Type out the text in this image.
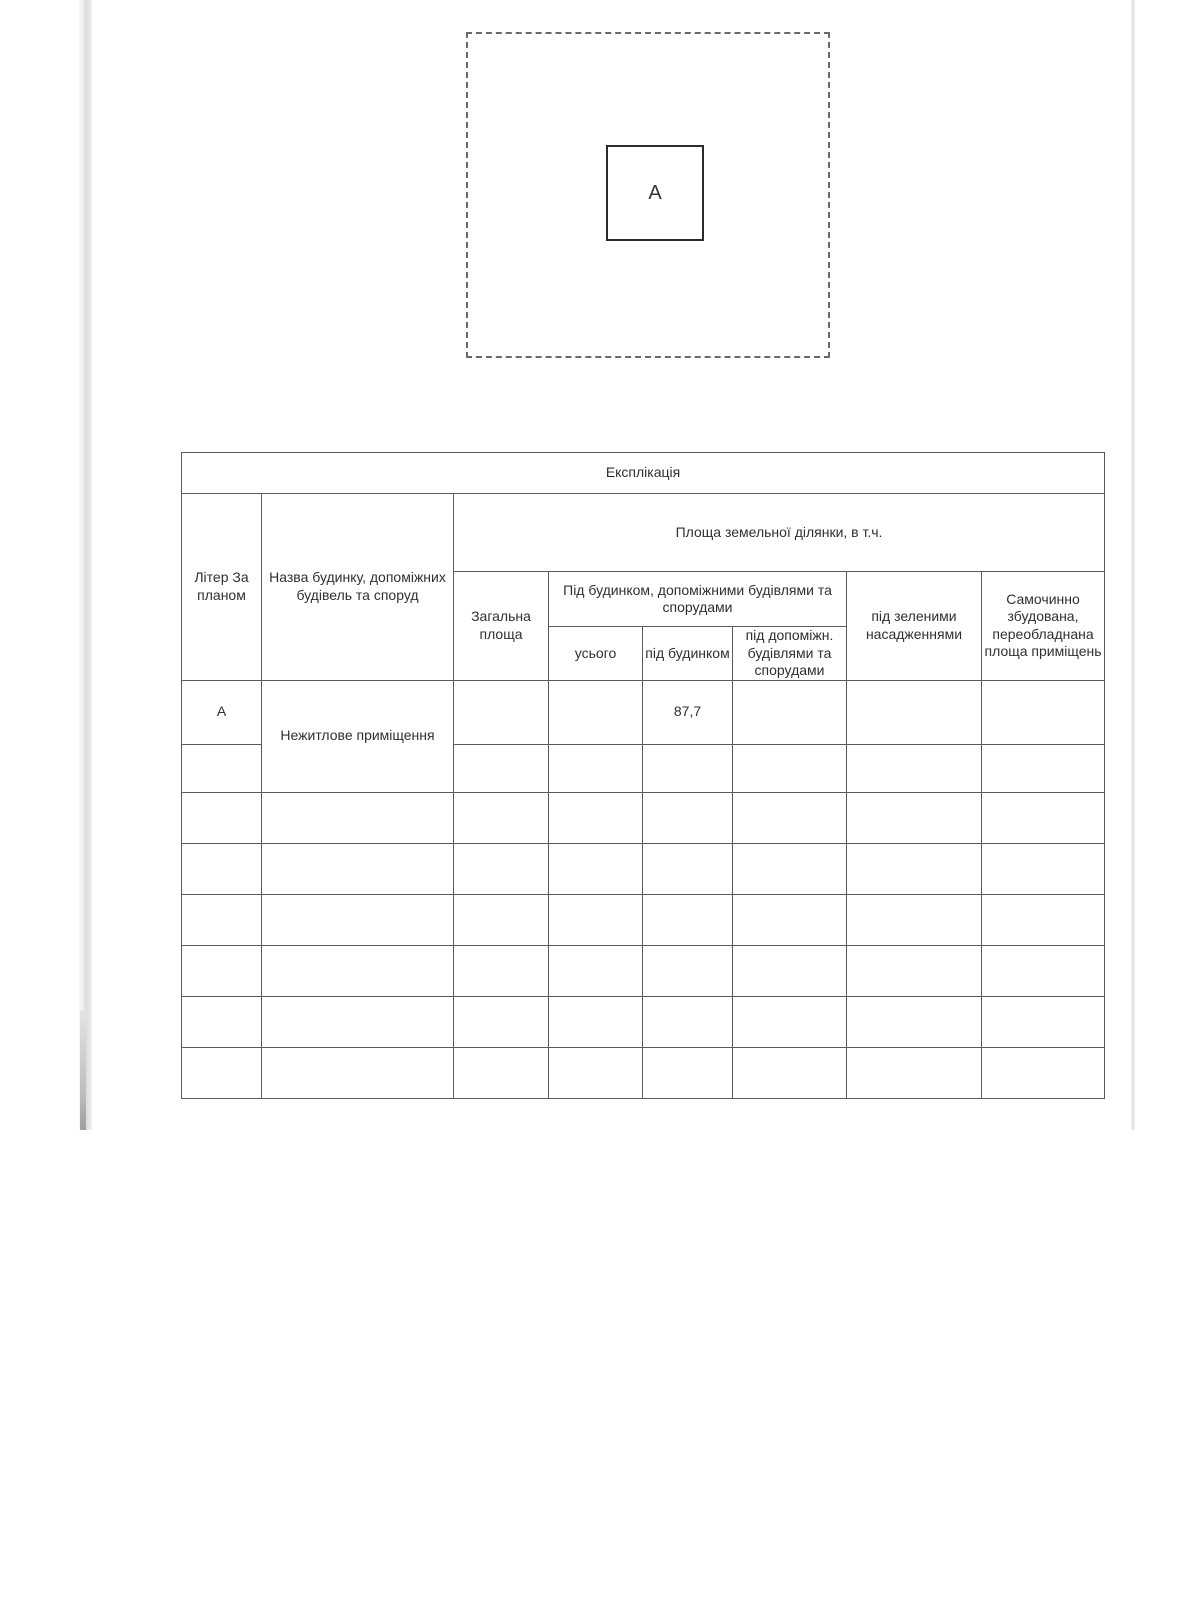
А
Експлікація							
Літер За планом	Назва будинку, допоміжних будівель та споруд	Площа земельної ділянки, в т.ч.					
		Загальна площа	Під будинком, допоміжними будівлями та спорудами			під зеленими насадженнями	Самочинно збудована, переобладнана площа приміщень
			усього	під будинком	під допоміжн. будівлями та спорудами		
А	Нежитлове приміщення			87,7			
